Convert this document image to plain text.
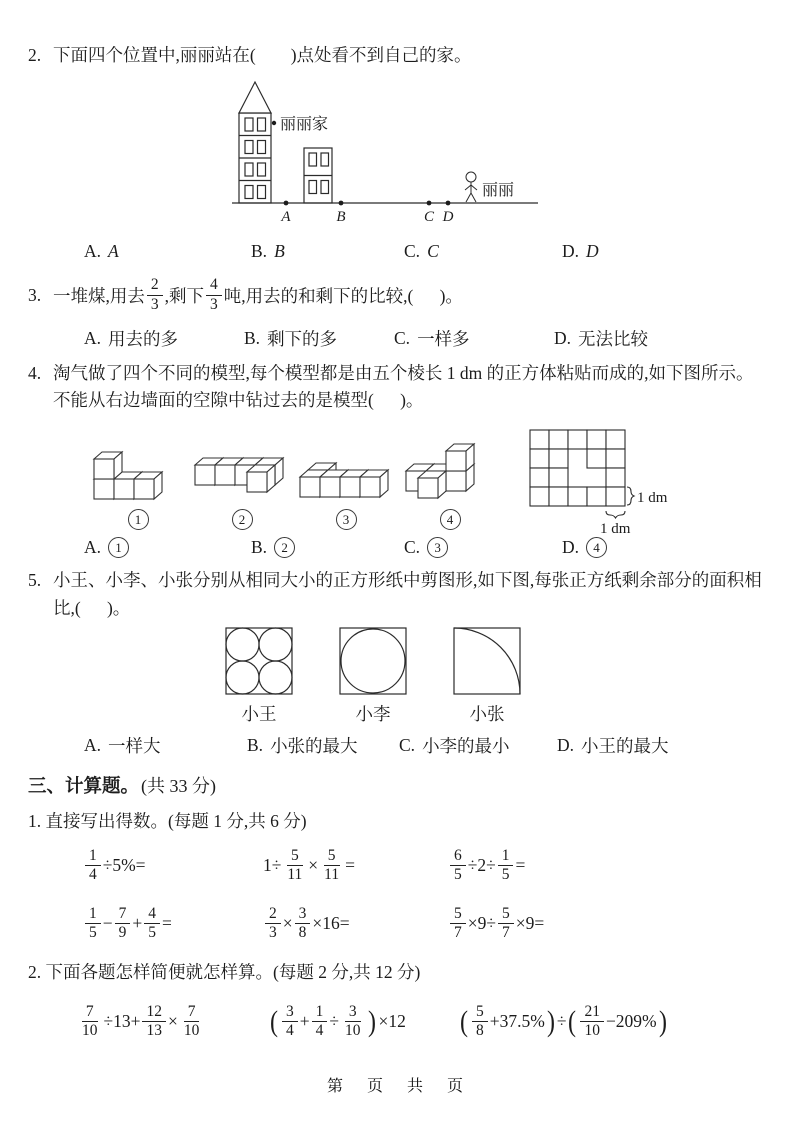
2. 下面四个位置中,丽丽站在(        )点处看不到自己的家。
丽丽家
丽丽
A	B	C D
A. A	B. B	C. C	D. D
3. 一堆煤,用去 $\frac{2}{3}$ ,剩下 $\frac{4}{3}$ 吨,用去的和剩下的比较,(      )。
A. 用去的多	B. 剩下的多	C. 一样多	D. 无法比较
4. 淘气做了四个不同的模型,每个模型都是由五个棱长 1 dm 的正方体粘贴而成的,如下图所示。不能从右边墙面的空隙中钻过去的是模型(      )。
1	2	3	4
1 dm
1 dm
A.	1	B.	2	C.	3	D.	4
5. 小王、小李、小张分别从相同大小的正方形纸中剪图形,如下图,每张正方纸剩余部分的面积相比,(      )。
小王	小李	小张
A. 一样大	B. 小张的最大 C. 小李的最小	D. 小王的最大
三、计算题。 (共 33 分)
1. 直接写出得数。(每题 1 分,共 6 分)
$\frac{1}{4} \div 5\%=$	$1\div \frac{5}{11} \times \frac{5}{11}$ =	$\frac{6}{5} \div 2\div \frac{1}{5}$ =
$\frac{1}{5} - \frac{7}{9} + \frac{4}{5}$ =	$\frac{2}{3} \times \frac{3}{8} \times 16=$	$\frac{5}{7} \times 9\div \frac{5}{7} \times 9=$
2. 下面各题怎样简便就怎样算。(每题 2 分,共 12 分)
$\frac{7}{10} \div 13+ \frac{12}{13} \times \frac{7}{10}$ ( $\frac{3}{4} + \frac{1}{4} \div \frac{3}{10}$ ) ×12	( $\frac{5}{8} +37.5\%$ ) ÷ ( $\frac{21}{10} -209\%$ )
第 页 共 页
